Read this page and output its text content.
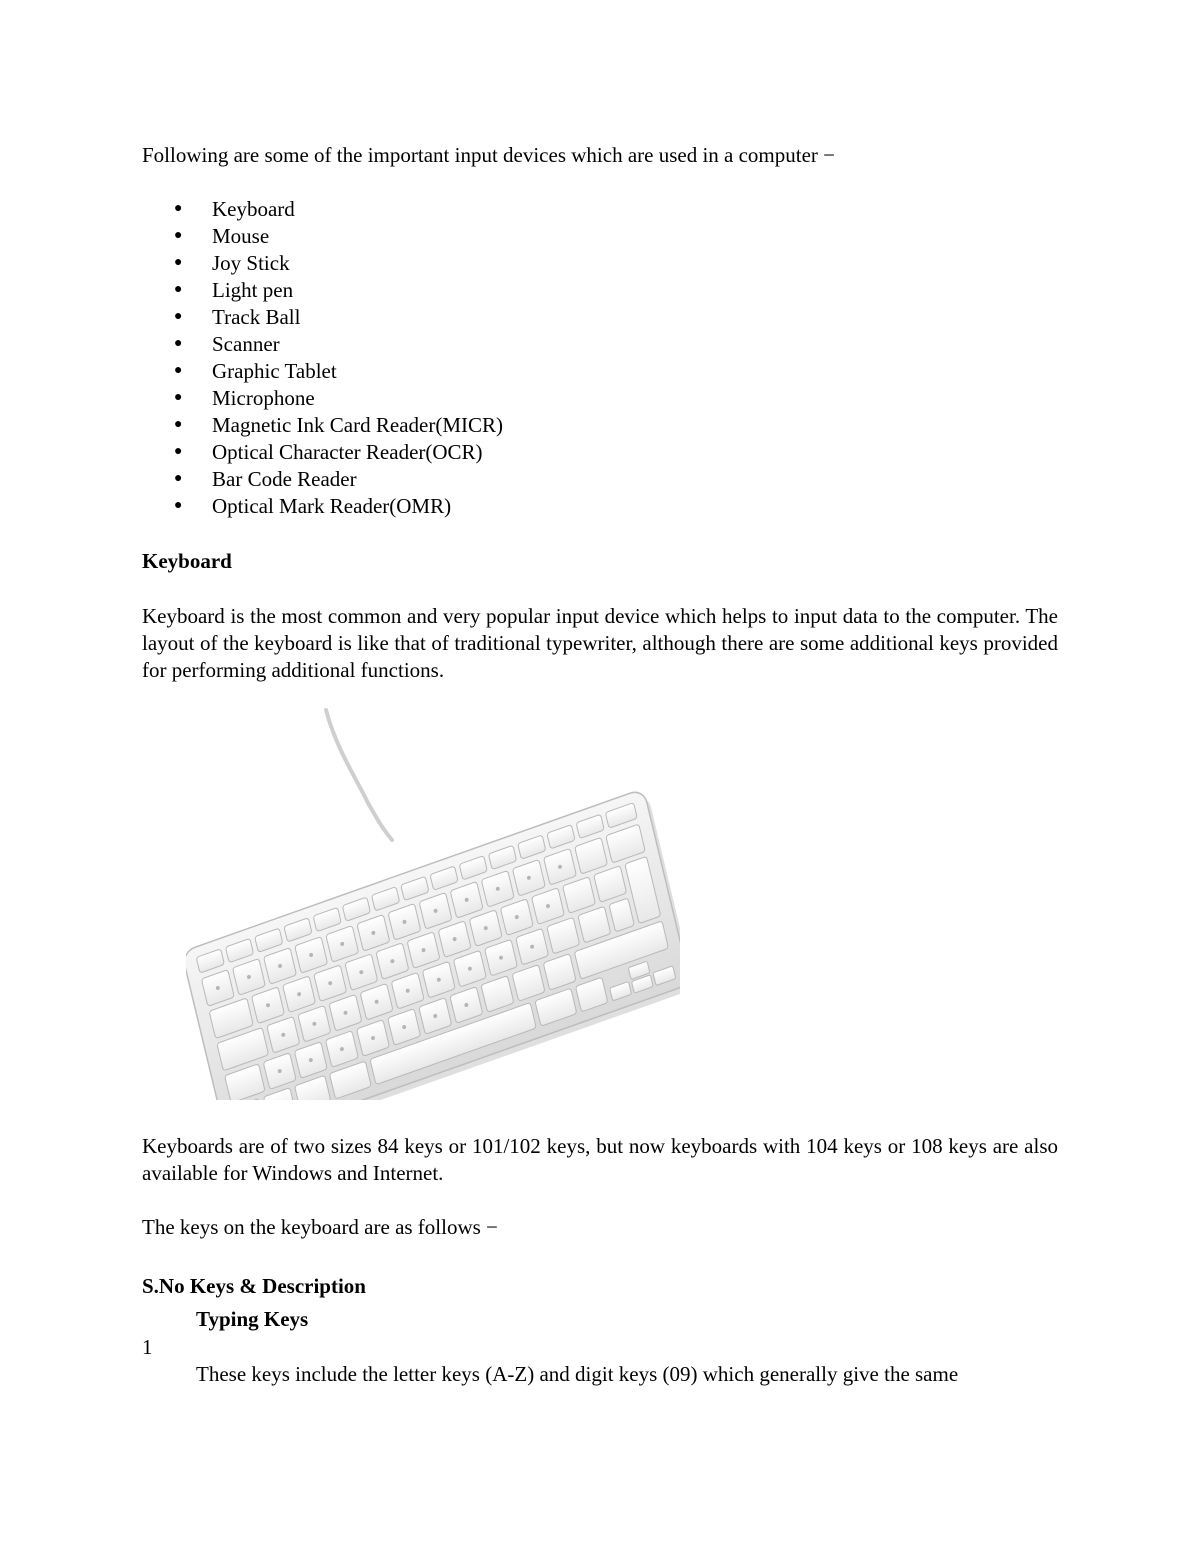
Following are some of the important input devices which are used in a computer −
● Keyboard
● Mouse
● Joy Stick
● Light pen
● Track Ball
● Scanner
● Graphic Tablet
● Microphone
● Magnetic Ink Card Reader(MICR)
● Optical Character Reader(OCR)
● Bar Code Reader
● Optical Mark Reader(OMR)
Keyboard
Keyboard is the most common and very popular input device which helps to input data to the computer. The layout of the keyboard is like that of traditional typewriter, although there are some additional keys provided for performing additional functions.
Keyboards are of two sizes 84 keys or 101/102 keys, but now keyboards with 104 keys or 108 keys are also available for Windows and Internet.
The keys on the keyboard are as follows −
S.No Keys & Description
Typing Keys
1
These keys include the letter keys (A-Z) and digit keys (09) which generally give the same
